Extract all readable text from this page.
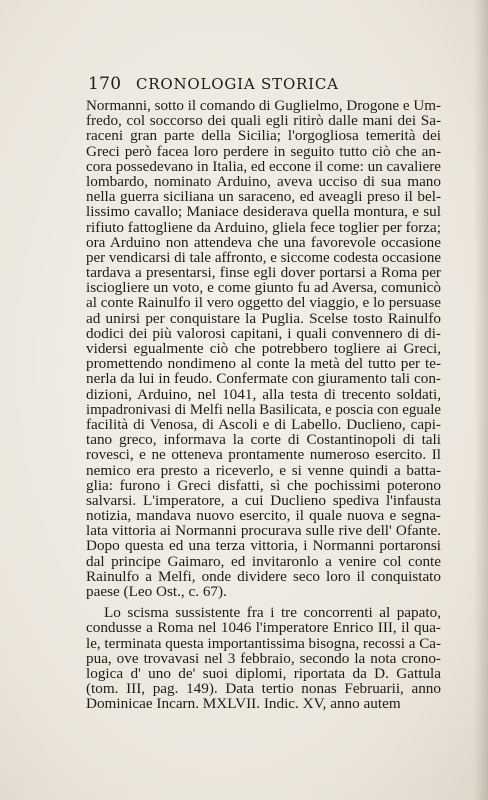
170 CRONOLOGIA STORICA
Normanni, sotto il comando di Guglielmo, Drogone e Um-
fredo, col soccorso dei quali egli ritirò dalle mani dei Sa-
raceni gran parte della Sicilia; l'orgogliosa temerità dei
Greci però facea loro perdere in seguito tutto ciò che an-
cora possedevano in Italia, ed eccone il come: un cavaliere
lombardo, nominato Arduino, aveva ucciso di sua mano
nella guerra siciliana un saraceno, ed aveagli preso il bel-
lissimo cavallo; Maniace desiderava quella montura, e sul
rifiuto fattogliene da Arduino, gliela fece toglier per forza;
ora Arduino non attendeva che una favorevole occasione
per vendicarsi di tale affronto, e siccome codesta occasione
tardava a presentarsi, finse egli dover portarsi a Roma per
iscioglierе un voto, e come giunto fu ad Aversa, comunicò
al conte Rainulfo il vero oggetto del viaggio, e lo persuase
ad unirsi per conquistare la Puglia. Scelse tosto Rainulfo
dodici dei più valorosi capitani, i quali convennero di di-
vidersi egualmente ciò che potrebbero togliere ai Greci,
promettendo nondimeno al conte la metà del tutto per te-
nerla da lui in feudo. Confermate con giuramento tali con-
dizioni, Arduino, nel 1041, alla testa di trecento soldati,
impadronivasi di Melfi nella Basilicata, e poscia con eguale
facilità di Venosa, di Ascoli e di Labello. Duclieno, capi-
tano greco, informava la corte di Costantinopoli di tali
rovesci, e ne otteneva prontamente numeroso esercito. Il
nemico era presto a riceverlo, e si venne quindi a batta-
glia: furono i Greci disfatti, sì che pochissimi poterono
salvarsi. L'imperatore, a cui Duclieno spediva l'infausta
notizia, mandava nuovo esercito, il quale nuova e segna-
lata vittoria ai Normanni procurava sulle rive dell' Ofante.
Dopo questa ed una terza vittoria, i Normanni portaronsi
dal principe Gaimaro, ed invitaronlo a venire col conte
Rainulfo a Melfi, onde dividere seco loro il conquistato
paese (Leo Ost., c. 67).
Lo scisma sussistente fra i tre concorrenti al papato,
condusse a Roma nel 1046 l'imperatore Enrico III, il qua-
le, terminata questa importantissima bisogna, recossi a Ca-
pua, ove trovavasi nel 3 febbraio, secondo la nota crono-
logica d' uno de' suoi diplomi, riportata da D. Gattula
(tom. III, pag. 149). Data tertio nonas Februarii, anno
Dominicae Incarn. MXLVII. Indic. XV, anno autem
